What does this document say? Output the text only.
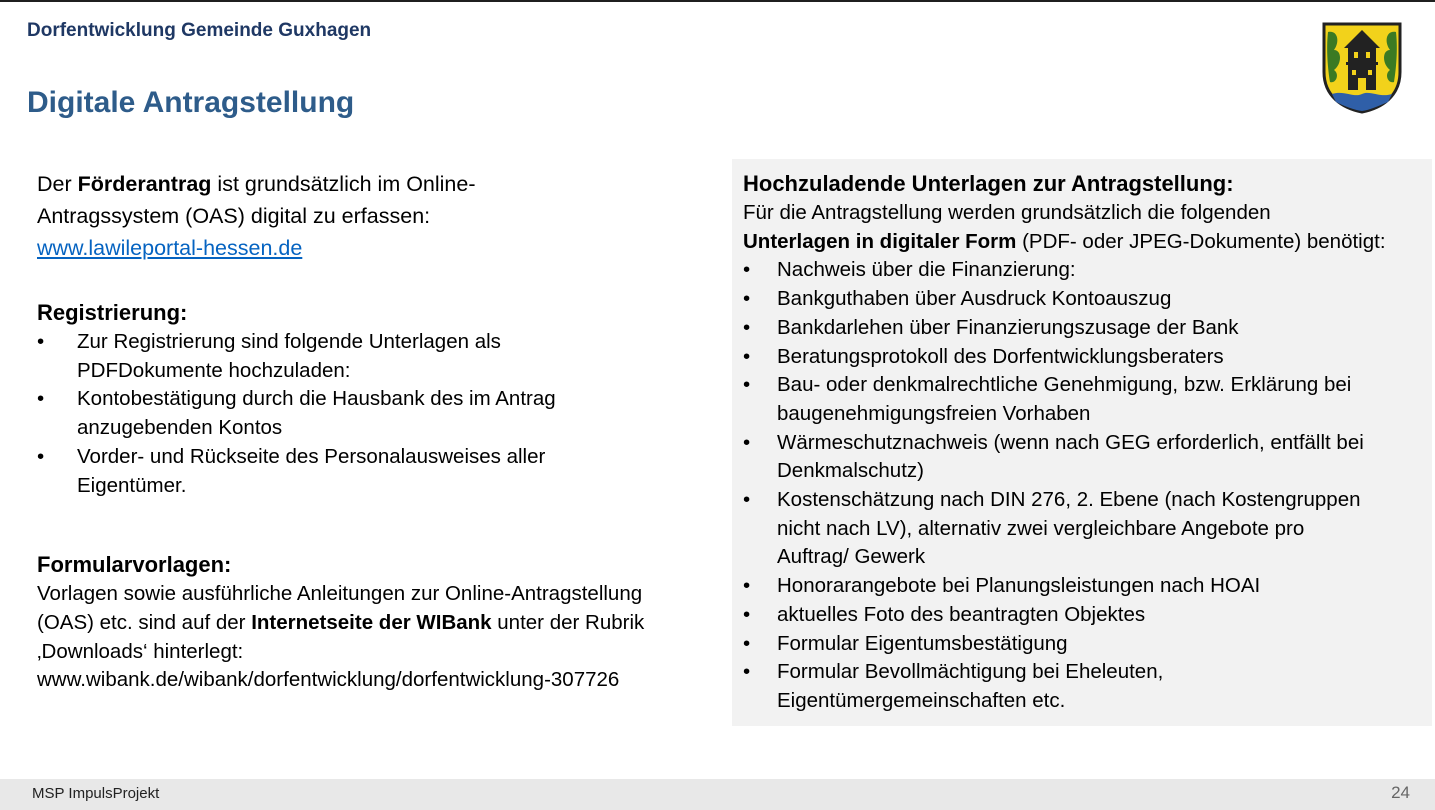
Dorfentwicklung Gemeinde Guxhagen
Digitale Antragstellung

Der Förderantrag ist grundsätzlich im Online-
Antragssystem (OAS) digital zu erfassen:
www.lawileportal-hessen.de

Registrierung:

• Zur Registrierung sind folgende Unterlagen als
PDFDokumente hochzuladen:
• Kontobestätigung durch die Hausbank des im Antrag
anzugebenden Kontos
• Vorder- und Rückseite des Personalausweises aller
Eigentümer.

Formularvorlagen:

Vorlagen sowie ausführliche Anleitungen zur Online-Antragstellung
(OAS) etc. sind auf der Internetseite der WIBank unter der Rubrik
‚Downloads‘ hinterlegt:
www.wibank.de/wibank/dorfentwicklung/dorfentwicklung-307726

Hochzuladende Unterlagen zur Antragstellung:

Für die Antragstellung werden grundsätzlich die folgenden
Unterlagen in digitaler Form (PDF- oder JPEG-Dokumente) benötigt:

• Nachweis über die Finanzierung:
• Bankguthaben über Ausdruck Kontoauszug
• Bankdarlehen über Finanzierungszusage der Bank
• Beratungsprotokoll des Dorfentwicklungsberaters
• Bau- oder denkmalrechtliche Genehmigung, bzw. Erklärung bei
baugenehmigungsfreien Vorhaben
• Wärmeschutznachweis (wenn nach GEG erforderlich, entfällt bei
Denkmalschutz)
• Kostenschätzung nach DIN 276, 2. Ebene (nach Kostengruppen
nicht nach LV), alternativ zwei vergleichbare Angebote pro
Auftrag/ Gewerk
• Honorarangebote bei Planungsleistungen nach HOAI
• aktuelles Foto des beantragten Objektes
• Formular Eigentumsbestätigung
• Formular Bevollmächtigung bei Eheleuten,
Eigentümergemeinschaften etc.
MSP ImpulsProjekt	24
